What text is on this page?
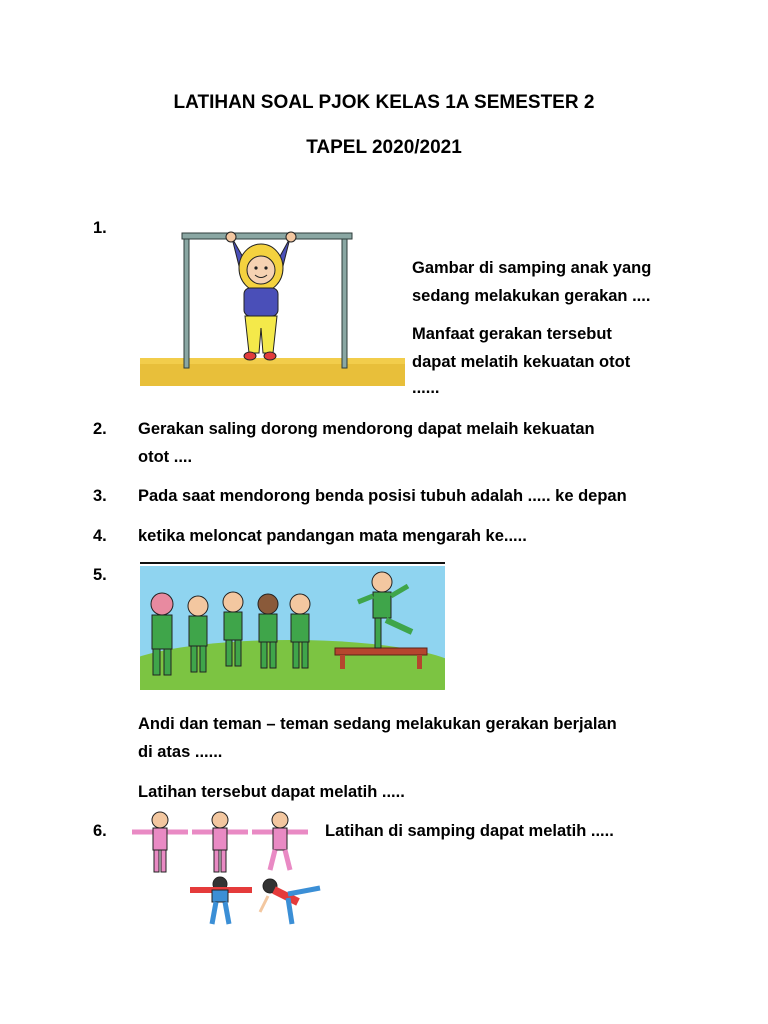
LATIHAN SOAL PJOK KELAS 1A SEMESTER 2
TAPEL 2020/2021
1.
Gambar di samping anak yang
sedang melakukan gerakan ....
Manfaat gerakan tersebut
dapat melatih kekuatan otot
......
2. Gerakan saling dorong mendorong dapat melaih kekuatan
otot ....
3. Pada saat mendorong benda posisi tubuh adalah ..... ke depan
4. ketika meloncat pandangan mata mengarah ke.....
5.
Andi dan teman – teman sedang melakukan gerakan berjalan
di atas ......
Latihan tersebut dapat melatih .....
6.	Latihan di samping dapat melatih .....
